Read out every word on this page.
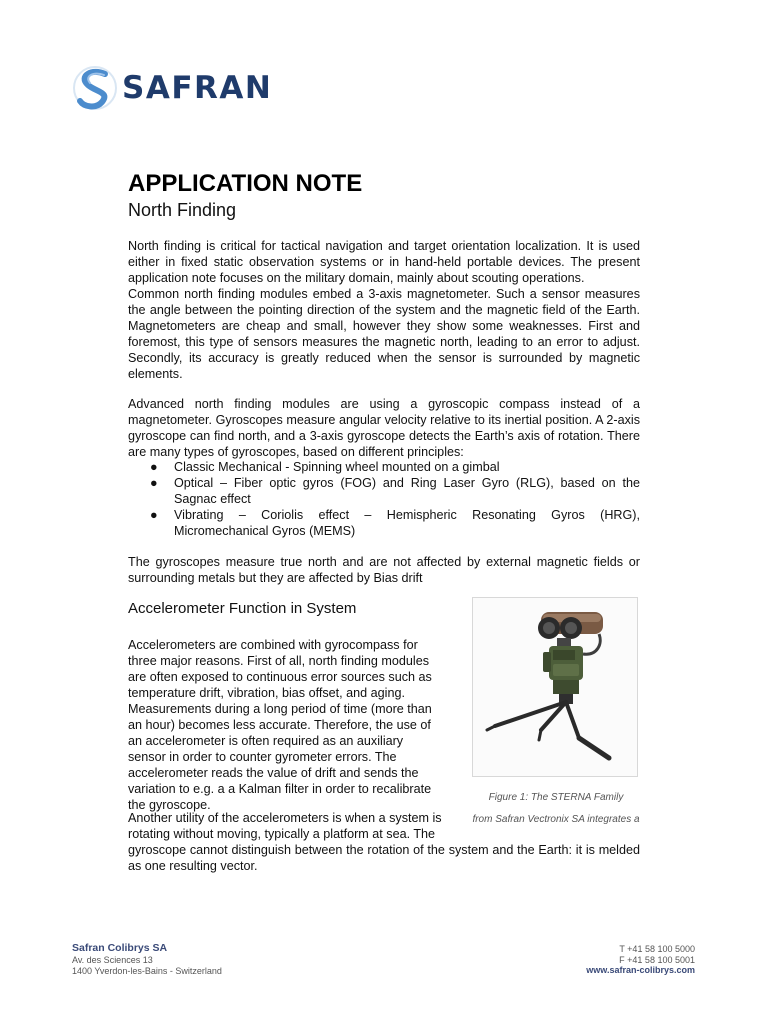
SAFRAN
APPLICATION NOTE
North Finding

North finding is critical for tactical navigation and target orientation localization. It is used either in fixed static observation systems or in hand-held portable devices. The present application note focuses on the military domain, mainly about scouting operations.

Common north finding modules embed a 3-axis magnetometer. Such a sensor measures the angle between the pointing direction of the system and the magnetic field of the Earth. Magnetometers are cheap and small, however they show some weaknesses. First and foremost, this type of sensors measures the magnetic north, leading to an error to adjust. Secondly, its accuracy is greatly reduced when the sensor is surrounded by magnetic elements.

Advanced north finding modules are using a gyroscopic compass instead of a magnetometer. Gyroscopes measure angular velocity relative to its inertial position. A 2-axis gyroscope can find north, and a 3-axis gyroscope detects the Earth’s axis of rotation. There are many types of gyroscopes, based on different principles:

● Classic Mechanical - Spinning wheel mounted on a gimbal
● Optical – Fiber optic gyros (FOG) and Ring Laser Gyro (RLG), based on the Sagnac effect
● Vibrating – Coriolis effect – Hemispheric Resonating Gyros (HRG), Micromechanical Gyros (MEMS)

The gyroscopes measure true north and are not affected by external magnetic fields or surrounding metals but they are affected by Bias drift

Accelerometer Function in System

Accelerometers are combined with gyrocompass for three major reasons. First of all, north finding modules are often exposed to continuous error sources such as temperature drift, vibration, bias offset, and aging. Measurements during a long period of time (more than an hour) becomes less accurate. Therefore, the use of an accelerometer is often required as an auxiliary sensor in order to counter gyrometer errors. The accelerometer reads the value of drift and sends the variation to e.g. a a Kalman filter in order to recalibrate the gyroscope.

Another utility of the accelerometers is when a system is rotating without moving, typically a platform at sea. The

gyroscope cannot distinguish between the rotation of the system and the Earth: it is melded as one resulting vector.

Figure 1: The STERNA Family

from Safran Vectronix SA integrates a

Safran Colibrys SA
Av. des Sciences 13
1400 Yverdon-les-Bains - Switzerland
T +41 58 100 5000
F +41 58 100 5001
www.safran-colibrys.com
